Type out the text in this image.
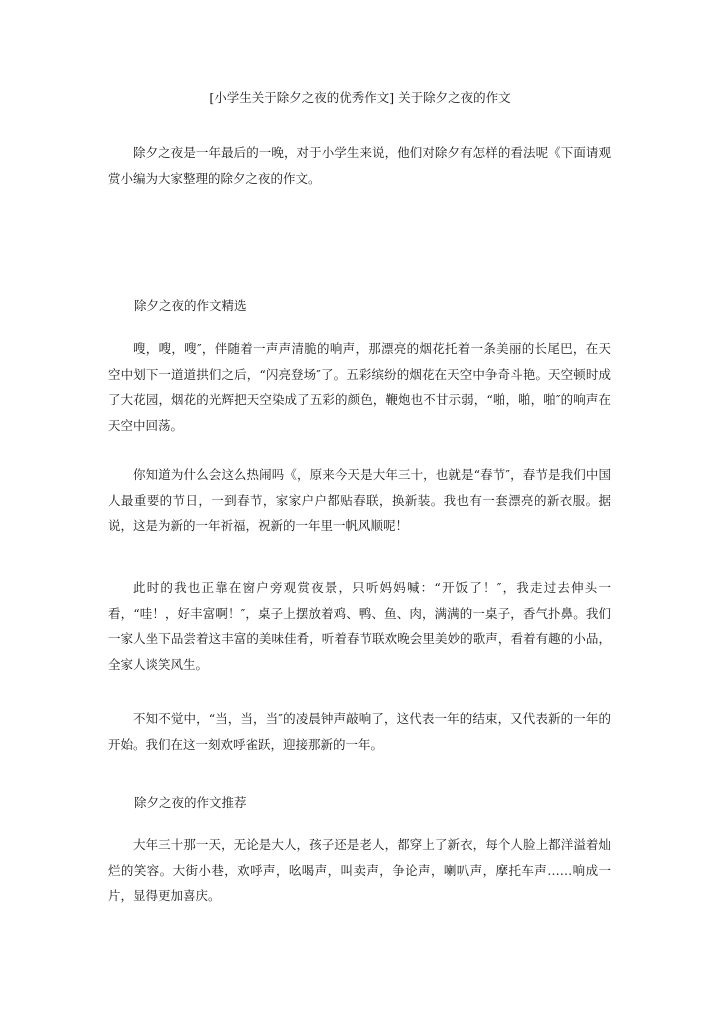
[小学生关于除夕之夜的优秀作文] 关于除夕之夜的作文

除夕之夜是一年最后的一晚，对于小学生来说，他们对除夕有怎样的看法呢《下面请观赏小编为大家整理的除夕之夜的作文。

除夕之夜的作文精选

嗖，嗖，嗖″，伴随着一声声清脆的响声，那漂亮的烟花托着一条美丽的长尾巴，在天空中划下一道道拱们之后，“闪亮登场″了。五彩缤纷的烟花在天空中争奇斗艳。天空顿时成了大花园，烟花的光辉把天空染成了五彩的颜色，鞭炮也不甘示弱，“啪，啪，啪″的响声在天空中回荡。

你知道为什么会这么热闹吗《，原来今天是大年三十，也就是“春节″，春节是我们中国人最重要的节日，一到春节，家家户户都贴春联，换新装。我也有一套漂亮的新衣服。据说，这是为新的一年祈福，祝新的一年里一帆风顺呢！

此时的我也正靠在窗户旁观赏夜景，只听妈妈喊：“开饭了！″，我走过去伸头一看，“哇！，好丰富啊！″，桌子上摆放着鸡、鸭、鱼、肉，满满的一桌子，香气扑鼻。我们一家人坐下品尝着这丰富的美味佳肴，听着春节联欢晚会里美妙的歌声，看着有趣的小品，全家人谈笑风生。

不知不觉中，“当，当，当″的凌晨钟声敲响了，这代表一年的结束，又代表新的一年的开始。我们在这一刻欢呼雀跃，迎接那新的一年。

除夕之夜的作文推荐

大年三十那一天，无论是大人，孩子还是老人，都穿上了新衣，每个人脸上都洋溢着灿烂的笑容。大街小巷，欢呼声，吆喝声，叫卖声，争论声，喇叭声，摩托车声……响成一片，显得更加喜庆。
